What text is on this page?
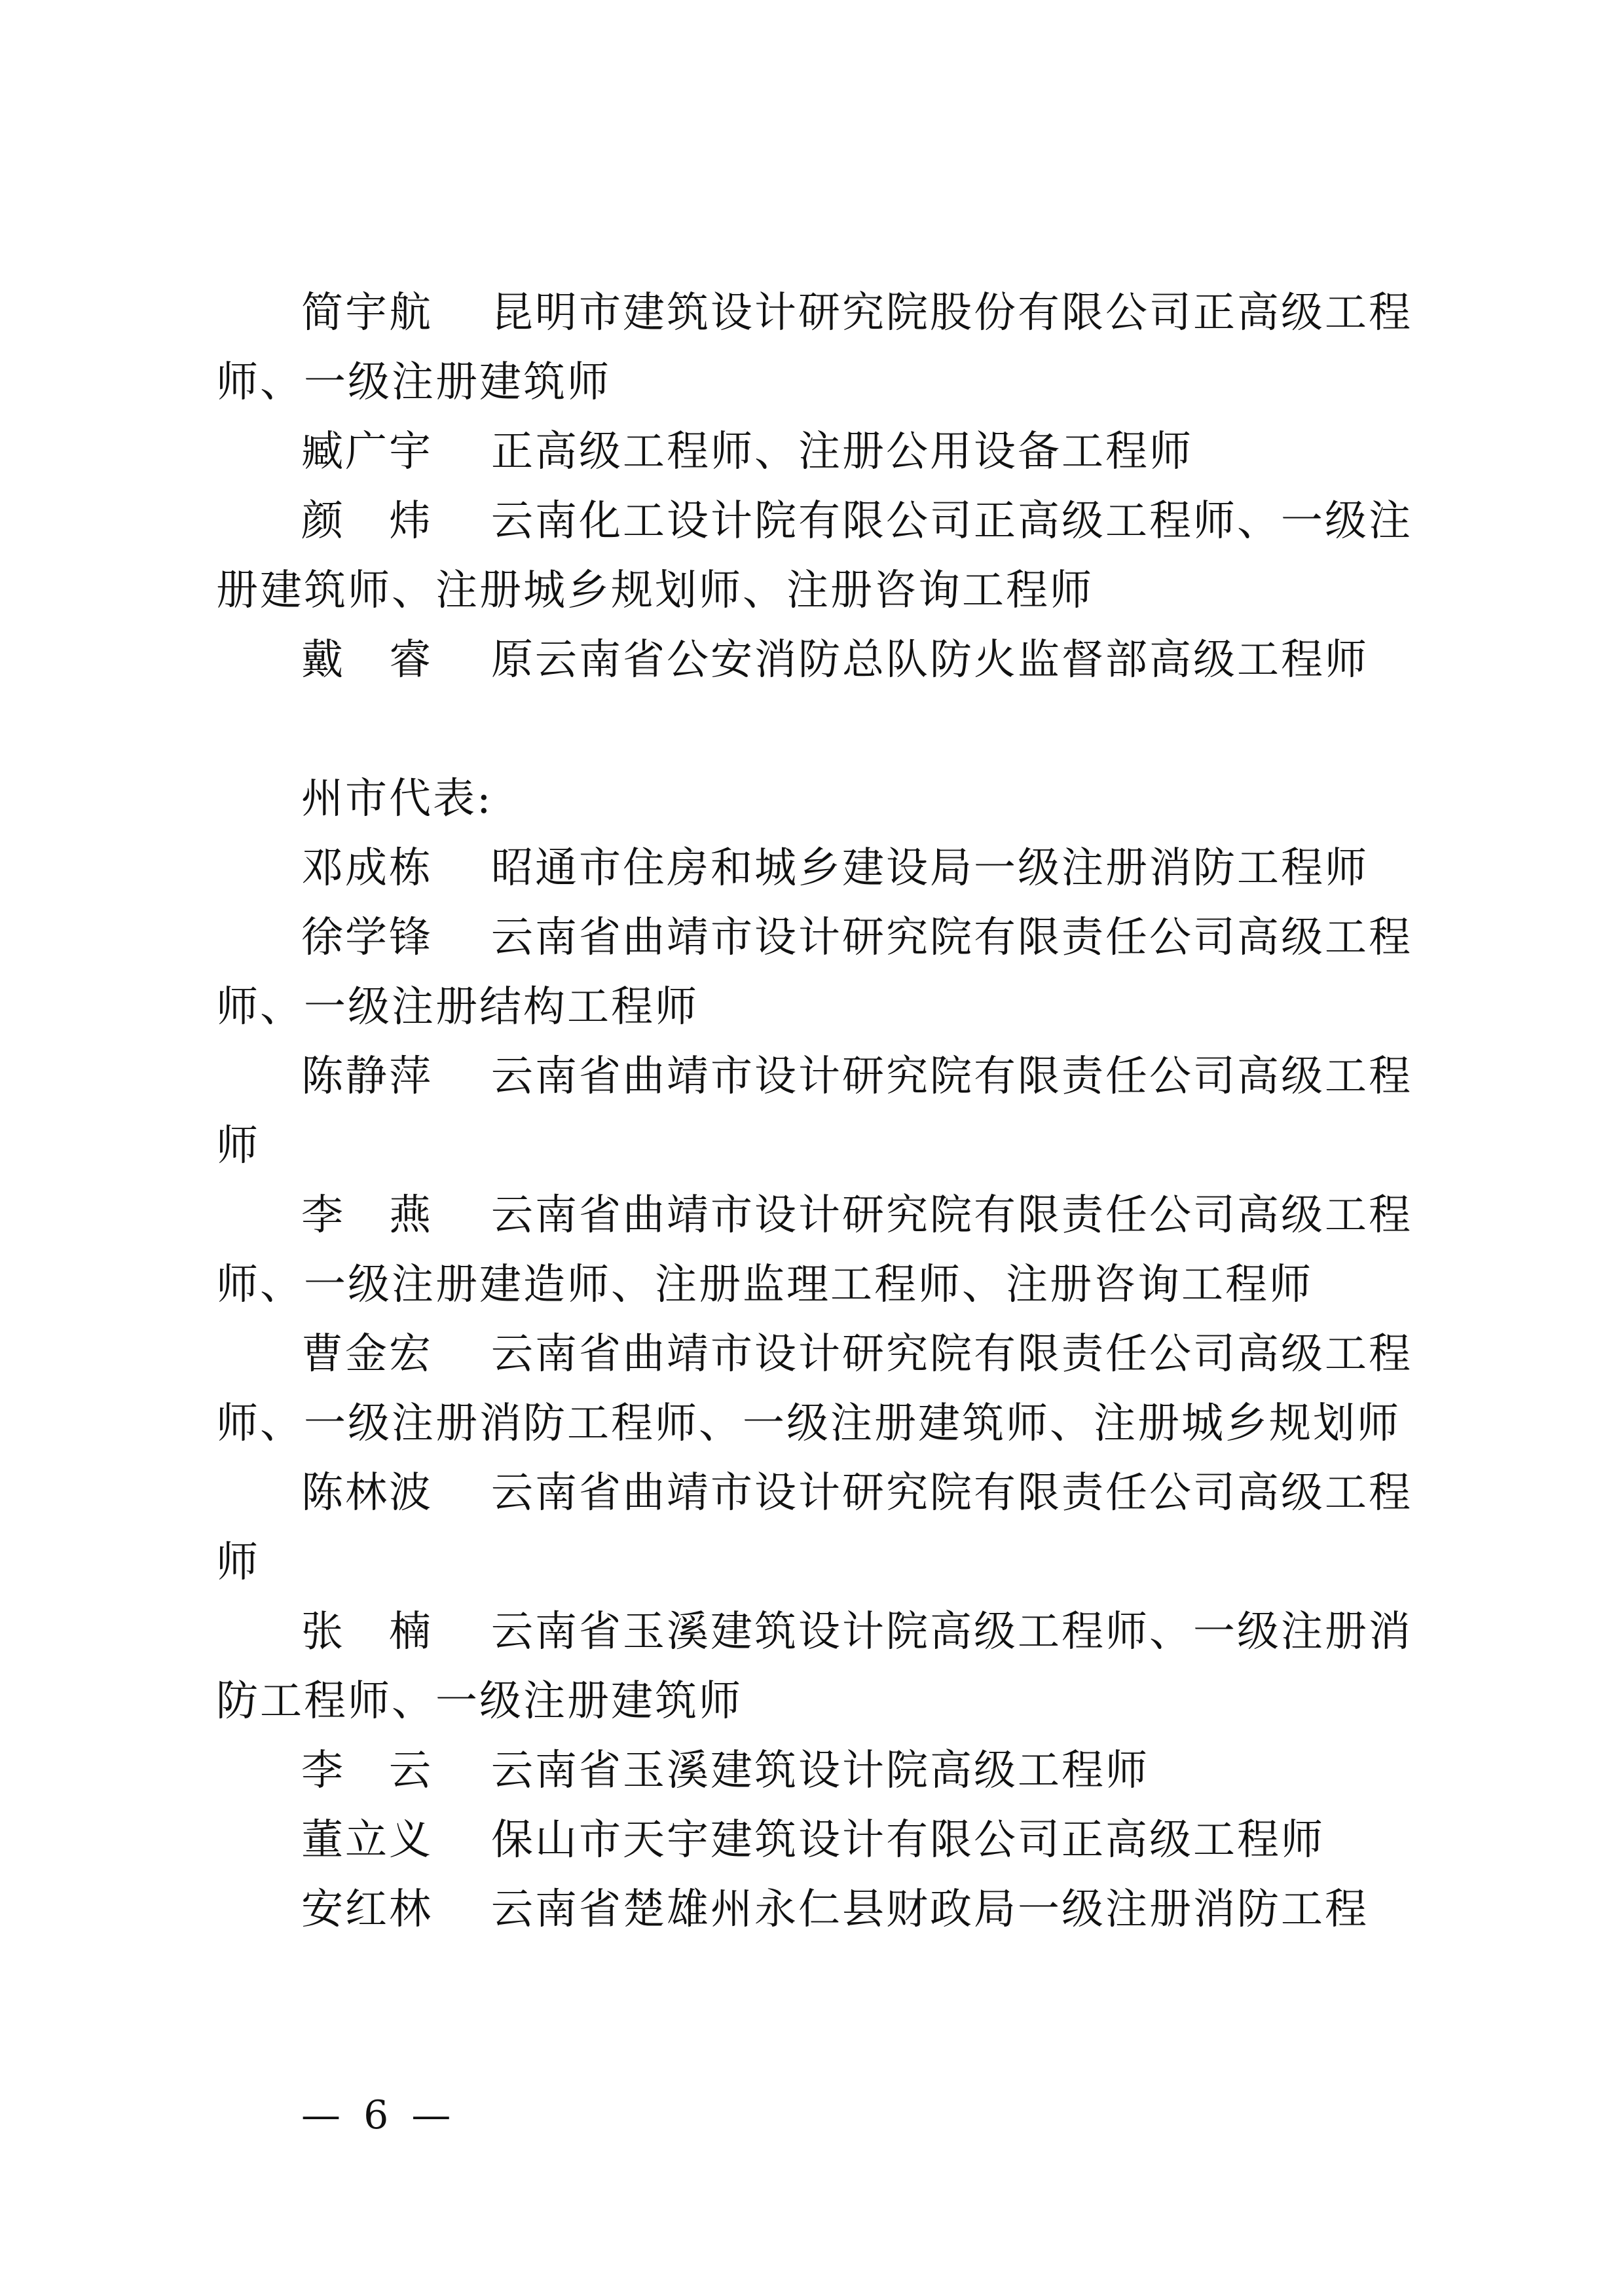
简宇航 昆明市建筑设计研究院股份有限公司正高级工程师、一级注册建筑师

臧广宇 正高级工程师、注册公用设备工程师

颜　炜 云南化工设计院有限公司正高级工程师、一级注册建筑师、注册城乡规划师、注册咨询工程师

戴　睿 原云南省公安消防总队防火监督部高级工程师

州市代表:

邓成栋 昭通市住房和城乡建设局一级注册消防工程师

徐学锋 云南省曲靖市设计研究院有限责任公司高级工程师、一级注册结构工程师

陈静萍 云南省曲靖市设计研究院有限责任公司高级工程师

李　燕 云南省曲靖市设计研究院有限责任公司高级工程师、一级注册建造师、注册监理工程师、注册咨询工程师

曹金宏 云南省曲靖市设计研究院有限责任公司高级工程师、一级注册消防工程师、一级注册建筑师、注册城乡规划师

陈林波 云南省曲靖市设计研究院有限责任公司高级工程师

张　楠 云南省玉溪建筑设计院高级工程师、一级注册消防工程师、一级注册建筑师

李　云 云南省玉溪建筑设计院高级工程师

董立义 保山市天宇建筑设计有限公司正高级工程师

安红林 云南省楚雄州永仁县财政局一级注册消防工程

— 6 —
